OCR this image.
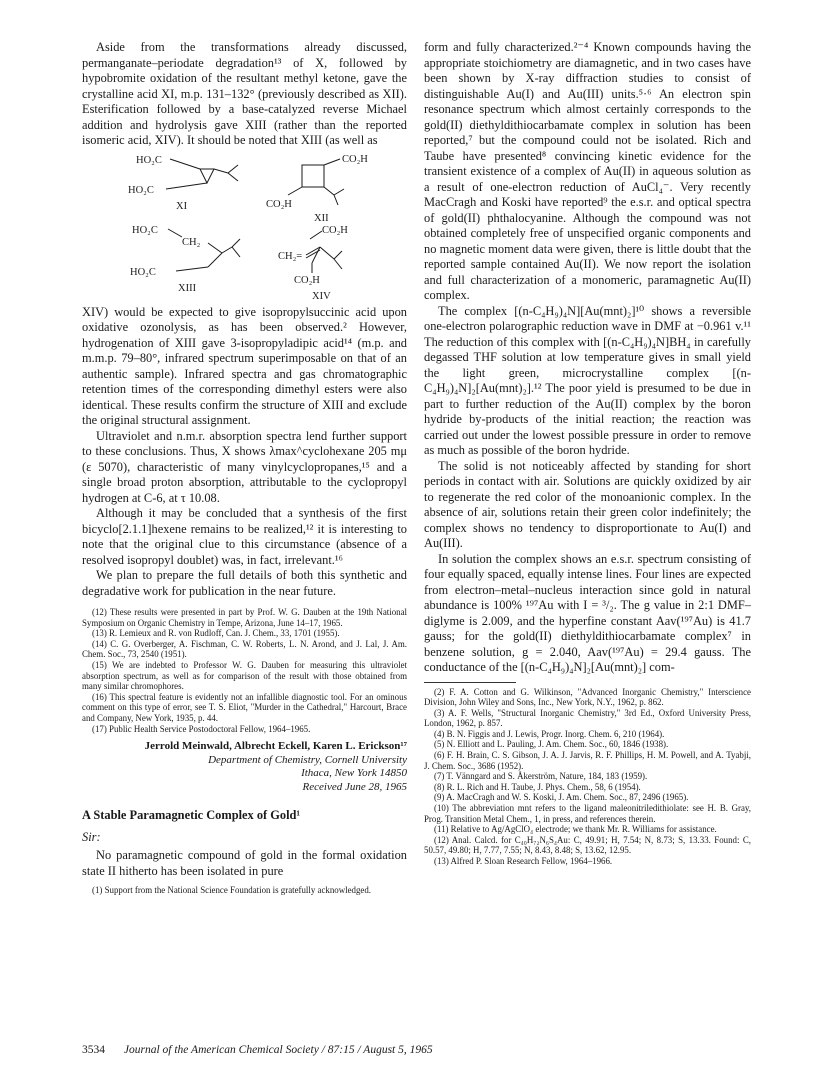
Aside from the transformations already discussed, permanganate–periodate degradation¹³ of X, followed by hypobromite oxidation of the resultant methyl ketone, gave the crystalline acid XI, m.p. 131–132° (previously described as XII). Esterification followed by a base-catalyzed reverse Michael addition and hydrolysis gave XIII (rather than the reported isomeric acid, XIV). It should be noted that XIII (as well as

HO₂C
HO₂C
XI
CO₂H
CO₂H
XII
HO₂C
CH₂
HO₂C
XIII
CO₂H
CH₂=
CO₂H
XIV

XIV) would be expected to give isopropylsuccinic acid upon oxidative ozonolysis, as has been observed.² However, hydrogenation of XIII gave 3-isopropyladipic acid¹⁴ (m.p. and m.m.p. 79–80°, infrared spectrum superimposable on that of an authentic sample). Infrared spectra and gas chromatographic retention times of the corresponding dimethyl esters were also identical. These results confirm the structure of XIII and exclude the original structural assignment.

Ultraviolet and n.m.r. absorption spectra lend further support to these conclusions. Thus, X shows λmax^cyclohexane 205 mμ (ε 5070), characteristic of many vinylcyclopropanes,¹⁵ and a single broad proton absorption, attributable to the cyclopropyl hydrogen at C-6, at τ 10.08.

Although it may be concluded that a synthesis of the first bicyclo[2.1.1]hexene remains to be realized,¹² it is interesting to note that the original clue to this circumstance (absence of a resolved isopropyl doublet) was, in fact, irrelevant.¹⁶

We plan to prepare the full details of both this synthetic and degradative work for publication in the near future.

(12) These results were presented in part by Prof. W. G. Dauben at the 19th National Symposium on Organic Chemistry in Tempe, Arizona, June 14–17, 1965.

(13) R. Lemieux and R. von Rudloff, Can. J. Chem., 33, 1701 (1955).

(14) C. G. Overberger, A. Fischman, C. W. Roberts, L. N. Arond, and J. Lal, J. Am. Chem. Soc., 73, 2540 (1951).

(15) We are indebted to Professor W. G. Dauben for measuring this ultraviolet absorption spectrum, as well as for comparison of the result with those obtained from many similar chromophores.

(16) This spectral feature is evidently not an infallible diagnostic tool. For an ominous comment on this type of error, see T. S. Eliot, "Murder in the Cathedral," Harcourt, Brace and Company, New York, 1935, p. 44.

(17) Public Health Service Postodoctoral Fellow, 1964–1965.

Jerrold Meinwald, Albrecht Eckell, Karen L. Erickson¹⁷
Department of Chemistry, Cornell University
Ithaca, New York 14850
Received June 28, 1965
A Stable Paramagnetic Complex of Gold¹
Sir:

No paramagnetic compound of gold in the formal oxidation state II hitherto has been isolated in pure

(1) Support from the National Science Foundation is gratefully acknowledged.

form and fully characterized.²⁻⁴ Known compounds having the appropriate stoichiometry are diamagnetic, and in two cases have been shown by X-ray diffraction studies to consist of distinguishable Au(I) and Au(III) units.⁵·⁶ An electron spin resonance spectrum which almost certainly corresponds to the gold(II) diethyldithiocarbamate complex in solution has been reported,⁷ but the compound could not be isolated. Rich and Taube have presented⁸ convincing kinetic evidence for the transient existence of a complex of Au(II) in aqueous solution as a result of one-electron reduction of AuCl₄⁻. Very recently MacCragh and Koski have reported⁹ the e.s.r. and optical spectra of gold(II) phthalocyanine. Although the compound was not obtained completely free of unspecified organic components and no magnetic moment data were given, there is little doubt that the reported sample contained Au(II). We now report the isolation and full characterization of a monomeric, paramagnetic Au(II) complex.

The complex [(n-C₄H₉)₄N][Au(mnt)₂]¹⁰ shows a reversible one-electron polarographic reduction wave in DMF at −0.961 v.¹¹ The reduction of this complex with [(n-C₄H₉)₄N]BH₄ in carefully degassed THF solution at low temperature gives in small yield the light green, microcrystalline complex [(n-C₄H₉)₄N]₂[Au(mnt)₂].¹² The poor yield is presumed to be due in part to further reduction of the Au(II) complex by the boron hydride by-products of the initial reaction; the reaction was carried out under the lowest possible pressure in order to remove as much as possible of the boron hydride.

The solid is not noticeably affected by standing for short periods in contact with air. Solutions are quickly oxidized by air to regenerate the red color of the monoanionic complex. In the absence of air, solutions retain their green color indefinitely; the complex shows no tendency to disproportionate to Au(I) and Au(III).

In solution the complex shows an e.s.r. spectrum consisting of four equally spaced, equally intense lines. Four lines are expected from electron–metal–nucleus interaction since gold in natural abundance is 100% ¹⁹⁷Au with I = ³/₂. The g value in 2:1 DMF–diglyme is 2.009, and the hyperfine constant Aav(¹⁹⁷Au) is 41.7 gauss; for the gold(II) diethyldithiocarbamate complex⁷ in benzene solution, g = 2.040, Aav(¹⁹⁷Au) = 29.4 gauss. The conductance of the [(n-C₄H₉)₄N]₂[Au(mnt)₂] com-

(2) F. A. Cotton and G. Wilkinson, "Advanced Inorganic Chemistry," Interscience Division, John Wiley and Sons, Inc., New York, N.Y., 1962, p. 862.

(3) A. F. Wells, "Structural Inorganic Chemistry," 3rd Ed., Oxford University Press, London, 1962, p. 857.

(4) B. N. Figgis and J. Lewis, Progr. Inorg. Chem. 6, 210 (1964).

(5) N. Elliott and L. Pauling, J. Am. Chem. Soc., 60, 1846 (1938).

(6) F. H. Brain, C. S. Gibson, J. A. J. Jarvis, R. F. Phillips, H. M. Powell, and A. Tyabji, J. Chem. Soc., 3686 (1952).

(7) T. Vänngard and S. Åkerström, Nature, 184, 183 (1959).

(8) R. L. Rich and H. Taube, J. Phys. Chem., 58, 6 (1954).

(9) A. MacCragh and W. S. Koski, J. Am. Chem. Soc., 87, 2496 (1965).

(10) The abbreviation mnt refers to the ligand maleonitriledithiolate: see H. B. Gray, Prog. Transition Metal Chem., 1, in press, and references therein.

(11) Relative to Ag/AgClO₄ electrode; we thank Mr. R. Williams for assistance.

(12) Anal. Calcd. for C₄₀H₇₂N₆S₄Au: C, 49.91; H, 7.54; N, 8.73; S, 13.33. Found: C, 50.57, 49.80; H, 7.77, 7.55; N, 8.43, 8.48; S, 13.62, 12.95.

(13) Alfred P. Sloan Research Fellow, 1964–1966.

3534 Journal of the American Chemical Society / 87:15 / August 5, 1965
